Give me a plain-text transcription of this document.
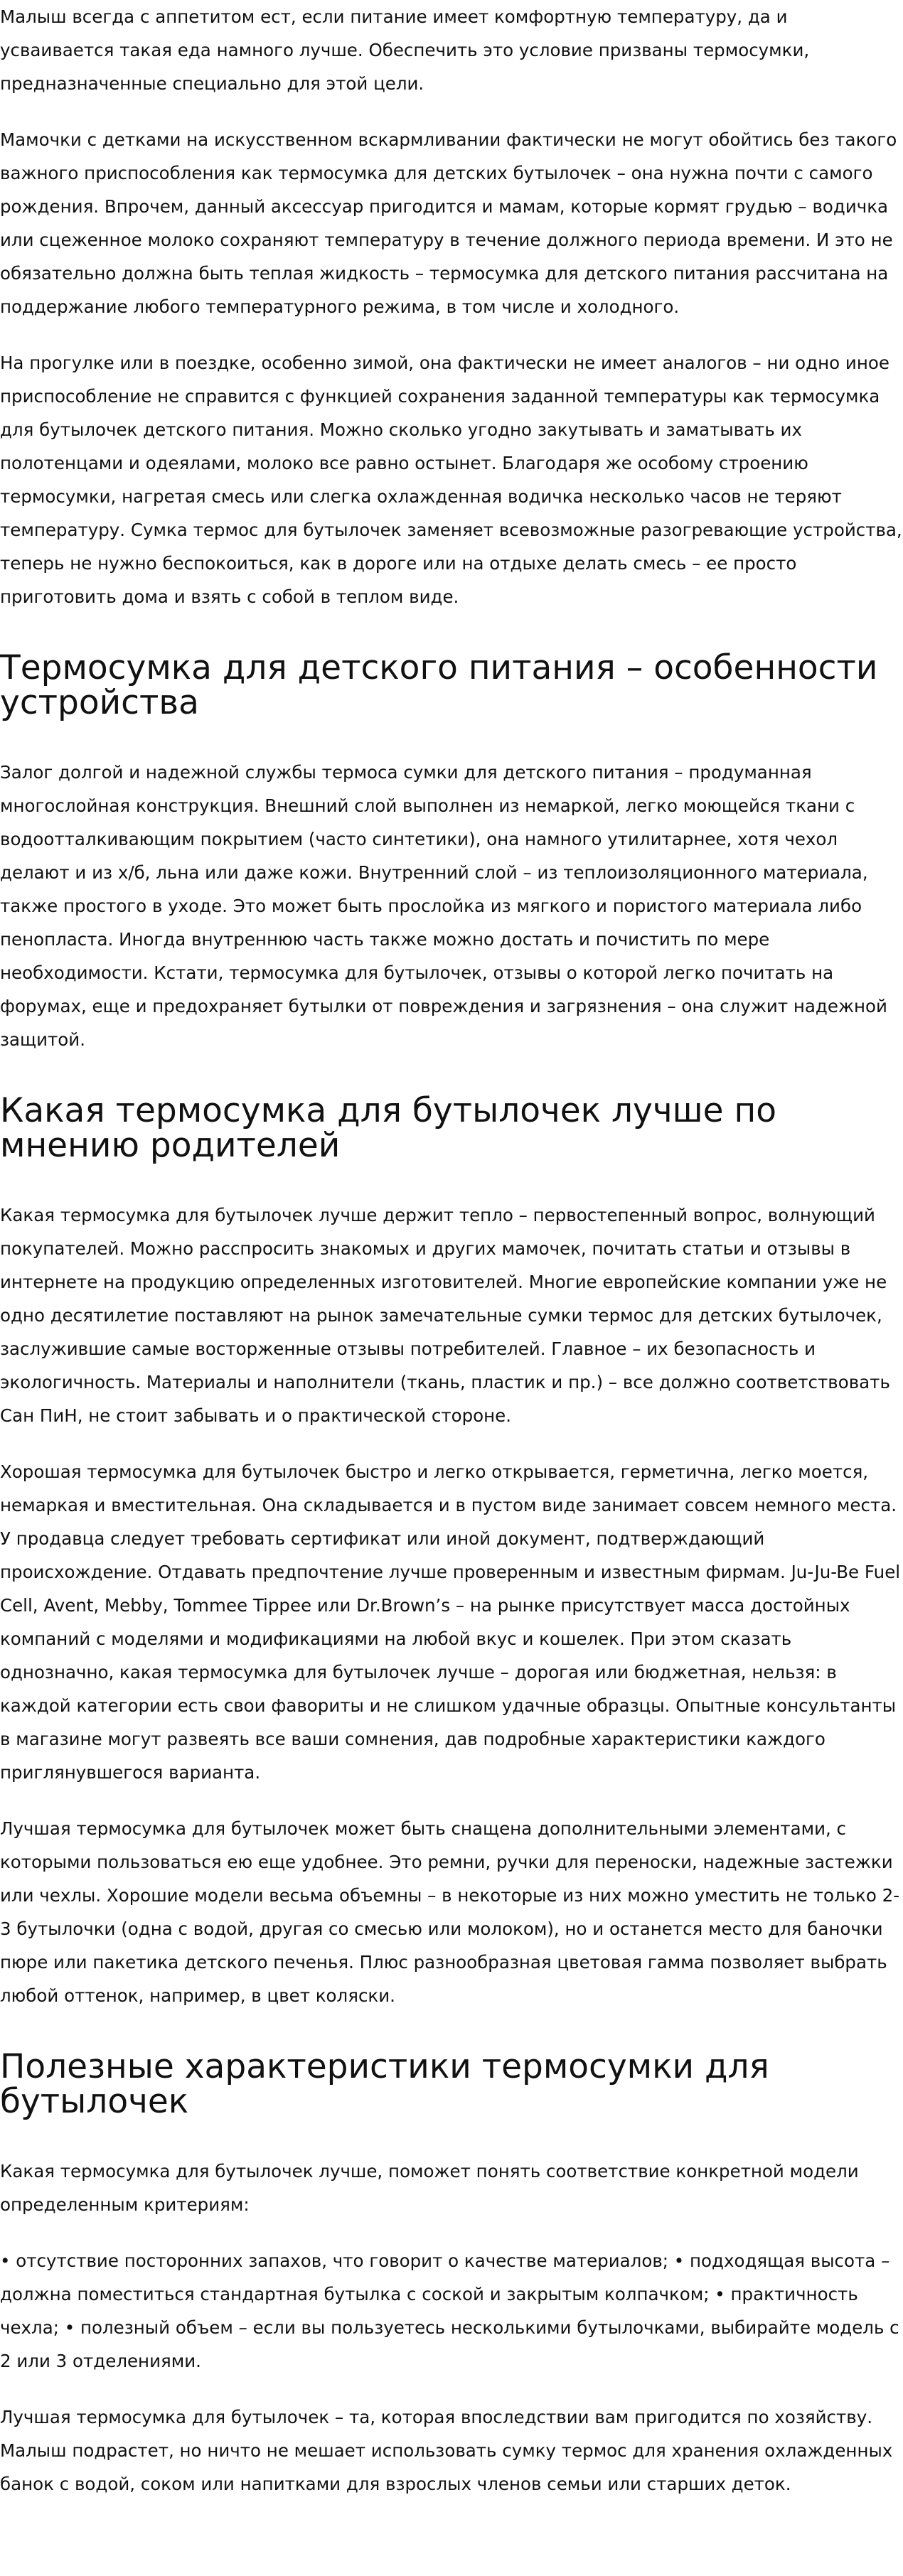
Малыш всегда с аппетитом ест, если питание имеет комфортную температуру, да и усваивается такая еда намного лучше. Обеспечить это условие призваны термосумки, предназначенные специально для этой цели.

Мамочки с детками на искусственном вскармливании фактически не могут обойтись без такого важного приспособления как термосумка для детских бутылочек – она нужна почти с самого рождения. Впрочем, данный аксессуар пригодится и мамам, которые кормят грудью – водичка или сцеженное молоко сохраняют температуру в течение должного периода времени. И это не обязательно должна быть теплая жидкость – термосумка для детского питания рассчитана на поддержание любого температурного режима, в том числе и холодного.

На прогулке или в поездке, особенно зимой, она фактически не имеет аналогов – ни одно иное приспособление не справится с функцией сохранения заданной температуры как термосумка для бутылочек детского питания. Можно сколько угодно закутывать и заматывать их полотенцами и одеялами, молоко все равно остынет. Благодаря же особому строению термосумки, нагретая смесь или слегка охлажденная водичка несколько часов не теряют температуру. Сумка термос для бутылочек заменяет всевозможные разогревающие устройства, теперь не нужно беспокоиться, как в дороге или на отдыхе делать смесь – ее просто приготовить дома и взять с собой в теплом виде.

Термосумка для детского питания – особенности устройства

Залог долгой и надежной службы термоса сумки для детского питания – продуманная многослойная конструкция. Внешний слой выполнен из немаркой, легко моющейся ткани с водоотталкивающим покрытием (часто синтетики), она намного утилитарнее, хотя чехол делают и из х/б, льна или даже кожи. Внутренний слой – из теплоизоляционного материала, также простого в уходе. Это может быть прослойка из мягкого и пористого материала либо пенопласта. Иногда внутреннюю часть также можно достать и почистить по мере необходимости. Кстати, термосумка для бутылочек, отзывы о которой легко почитать на форумах, еще и предохраняет бутылки от повреждения и загрязнения – она служит надежной защитой.

Какая термосумка для бутылочек лучше по мнению родителей

Какая термосумка для бутылочек лучше держит тепло – первостепенный вопрос, волнующий покупателей. Можно расспросить знакомых и других мамочек, почитать статьи и отзывы в интернете на продукцию определенных изготовителей. Многие европейские компании уже не одно десятилетие поставляют на рынок замечательные сумки термос для детских бутылочек, заслужившие самые восторженные отзывы потребителей. Главное – их безопасность и экологичность. Материалы и наполнители (ткань, пластик и пр.) – все должно соответствовать Сан ПиН, не стоит забывать и о практической стороне.

Хорошая термосумка для бутылочек быстро и легко открывается, герметична, легко моется, немаркая и вместительная. Она складывается и в пустом виде занимает совсем немного места. У продавца следует требовать сертификат или иной документ, подтверждающий происхождение. Отдавать предпочтение лучше проверенным и известным фирмам. Ju-Ju-Be Fuel Cell, Avent, Mebby, Tommee Tippee или Dr.Brown’s – на рынке присутствует масса достойных компаний с моделями и модификациями на любой вкус и кошелек. При этом сказать однозначно, какая термосумка для бутылочек лучше – дорогая или бюджетная, нельзя: в каждой категории есть свои фавориты и не слишком удачные образцы. Опытные консультанты в магазине могут развеять все ваши сомнения, дав подробные характеристики каждого приглянувшегося варианта.

Лучшая термосумка для бутылочек может быть снащена дополнительными элементами, с которыми пользоваться ею еще удобнее. Это ремни, ручки для переноски, надежные застежки или чехлы. Хорошие модели весьма объемны – в некоторые из них можно уместить не только 2-3 бутылочки (одна с водой, другая со смесью или молоком), но и останется место для баночки пюре или пакетика детского печенья. Плюс разнообразная цветовая гамма позволяет выбрать любой оттенок, например, в цвет коляски.

Полезные характеристики термосумки для бутылочек

Какая термосумка для бутылочек лучше, поможет понять соответствие конкретной модели определенным критериям:

• отсутствие посторонних запахов, что говорит о качестве материалов; • подходящая высота – должна поместиться стандартная бутылка с соской и закрытым колпачком; • практичность чехла; • полезный объем – если вы пользуетесь несколькими бутылочками, выбирайте модель с 2 или 3 отделениями.

Лучшая термосумка для бутылочек – та, которая впоследствии вам пригодится по хозяйству. Малыш подрастет, но ничто не мешает использовать сумку термос для хранения охлажденных банок с водой, соком или напитками для взрослых членов семьи или старших деток.
